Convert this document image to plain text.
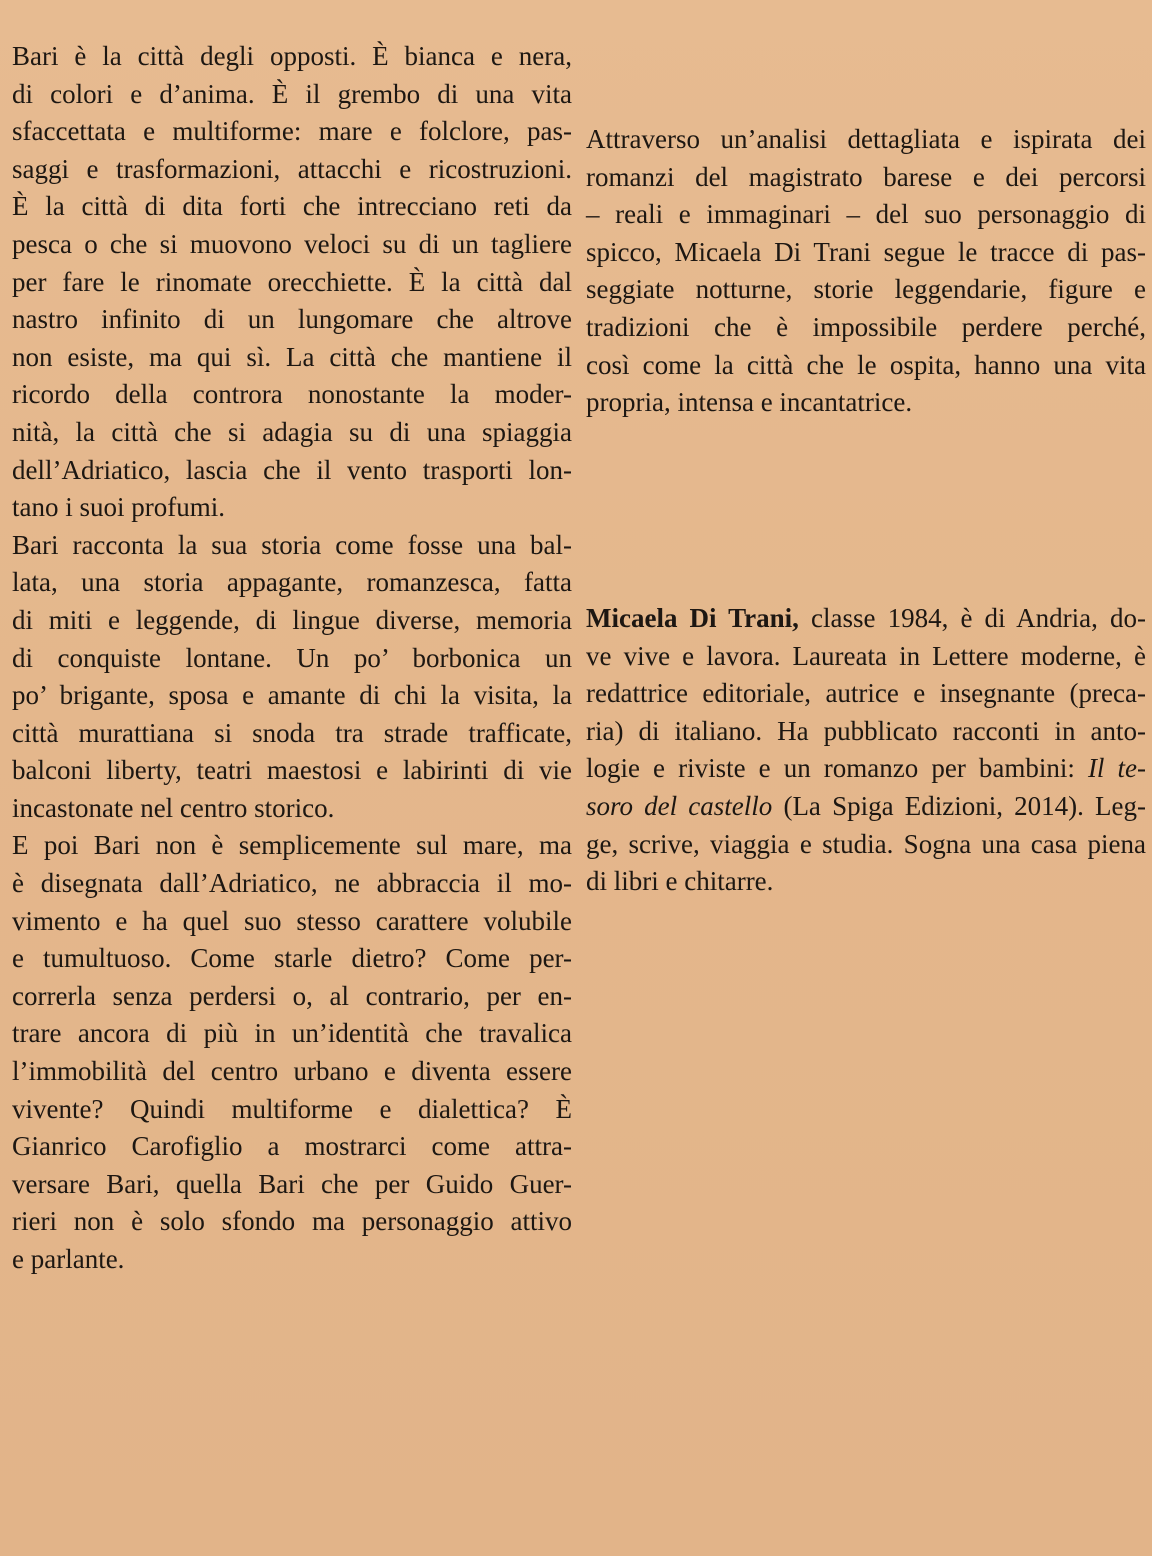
Bari è la città degli opposti. È bianca e nera,
di colori e d’anima. È il grembo di una vita
sfaccettata e multiforme: mare e folclore, pas-
saggi e trasformazioni, attacchi e ricostruzioni.
È la città di dita forti che intrecciano reti da
pesca o che si muovono veloci su di un tagliere
per fare le rinomate orecchiette. È la città dal
nastro infinito di un lungomare che altrove
non esiste, ma qui sì. La città che mantiene il
ricordo della controra nonostante la moder-
nità, la città che si adagia su di una spiaggia
dell’Adriatico, lascia che il vento trasporti lon-
tano i suoi profumi.
Bari racconta la sua storia come fosse una bal-
lata, una storia appagante, romanzesca, fatta
di miti e leggende, di lingue diverse, memoria
di conquiste lontane. Un po’ borbonica un
po’ brigante, sposa e amante di chi la visita, la
città murattiana si snoda tra strade trafficate,
balconi liberty, teatri maestosi e labirinti di vie
incastonate nel centro storico.
E poi Bari non è semplicemente sul mare, ma
è disegnata dall’Adriatico, ne abbraccia il mo-
vimento e ha quel suo stesso carattere volubile
e tumultuoso. Come starle dietro? Come per-
correrla senza perdersi o, al contrario, per en-
trare ancora di più in un’identità che travalica
l’immobilità del centro urbano e diventa essere
vivente? Quindi multiforme e dialettica? È
Gianrico Carofiglio a mostrarci come attra-
versare Bari, quella Bari che per Guido Guer-
rieri non è solo sfondo ma personaggio attivo
e parlante.
Attraverso un’analisi dettagliata e ispirata dei
romanzi del magistrato barese e dei percorsi
– reali e immaginari – del suo personaggio di
spicco, Micaela Di Trani segue le tracce di pas-
seggiate notturne, storie leggendarie, figure e
tradizioni che è impossibile perdere perché,
così come la città che le ospita, hanno una vita
propria, intensa e incantatrice.
Micaela Di Trani, classe 1984, è di Andria, do-
ve vive e lavora. Laureata in Lettere moderne, è
redattrice editoriale, autrice e insegnante (preca-
ria) di italiano. Ha pubblicato racconti in anto-
logie e riviste e un romanzo per bambini: Il te-
soro del castello (La Spiga Edizioni, 2014). Leg-
ge, scrive, viaggia e studia. Sogna una casa piena
di libri e chitarre.
